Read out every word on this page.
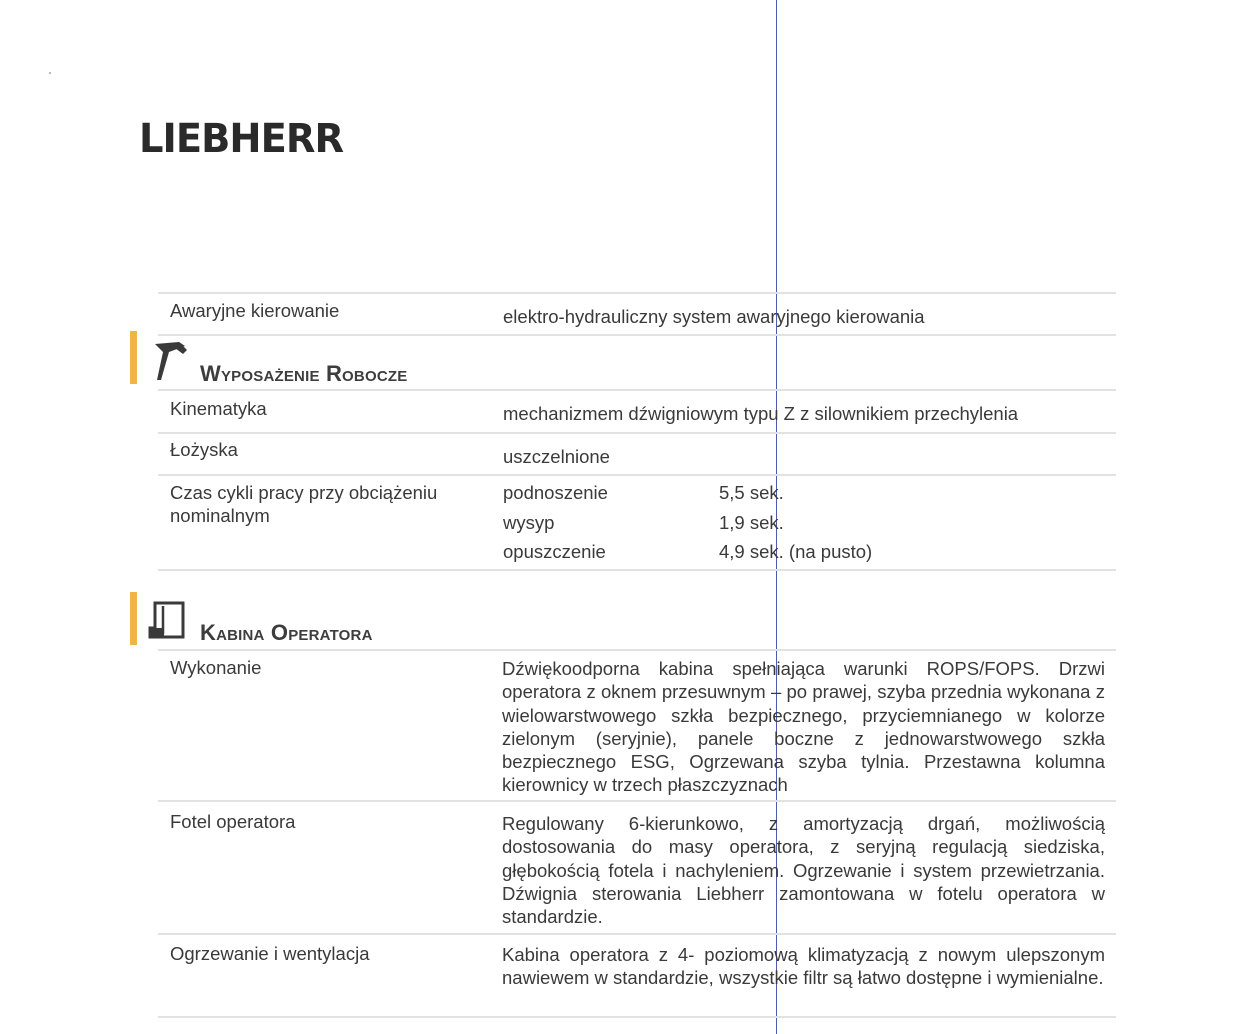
LIEBHERR
Awaryjne kierowanie	elektro-hydrauliczny system awaryjnego kierowania
Wyposażenie Robocze
Kinematyka	mechanizmem dźwigniowym typu Z z silownikiem przechylenia
Łożyska	uszczelnione
Czas cykli pracy przy obciążeniu
nominalnym
podnoszenie	5,5 sek.
wysyp	1,9 sek.
opuszczenie	4,9 sek. (na pusto)
Kabina Operatora
Wykonanie	Dźwiękoodporna kabina spełniająca warunki ROPS/FOPS. Drzwi operatora z oknem przesuwnym – po prawej, szyba przednia wykonana z wielowarstwowego szkła bezpiecznego, przyciemnianego w kolorze zielonym (seryjnie), panele boczne z jednowarstwowego szkła bezpiecznego ESG, Ogrzewana szyba tylnia. Przestawna kolumna kierownicy w trzech płaszczyznach
Fotel operatora	Regulowany 6-kierunkowo, z amortyzacją drgań, możliwością dostosowania do masy operatora, z seryjną regulacją siedziska, głębokością fotela i nachyleniem. Ogrzewanie i system przewietrzania. Dźwignia sterowania Liebherr zamontowana w fotelu operatora w standardzie.
Ogrzewanie i wentylacja	Kabina operatora z 4- poziomową klimatyzacją z nowym ulepszonym nawiewem w standardzie, wszystkie filtr są łatwo dostępne i wymienialne.
